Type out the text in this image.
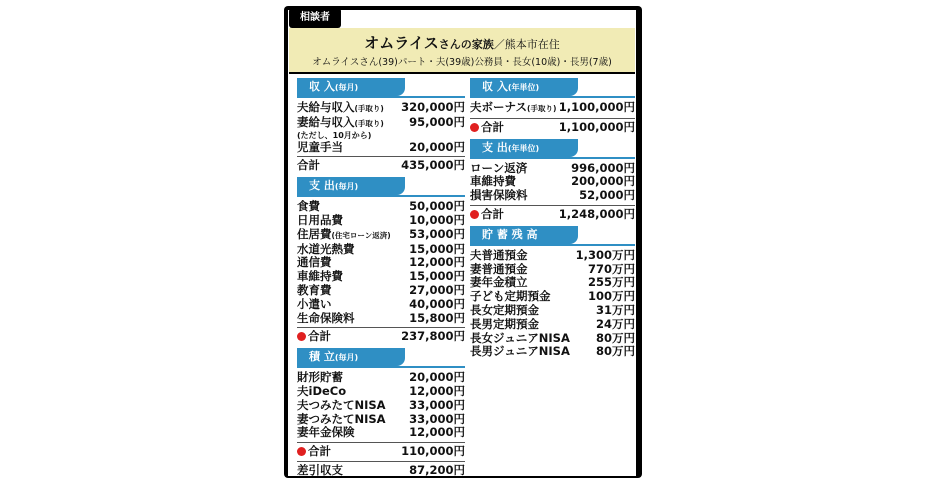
相談者
オムライスさんの家族／熊本市在住
オムライスさん(39)パート・夫(39歳)公務員・長女(10歳)・長男(7歳)
収 入(毎月)
夫給与収入(手取り) 320,000円
妻給与収入(手取り) 95,000円
(ただし、10月から)
児童手当	20,000円
合計	435,000円
支 出(毎月)
食費	50,000円
日用品費	10,000円
住居費(住宅ローン返済) 53,000円
水道光熱費	15,000円
通信費	12,000円
車維持費	15,000円
教育費	27,000円
小遣い	40,000円
生命保険料	15,800円
合計	237,800円
積 立(毎月)
財形貯蓄	20,000円
夫iDeCo	12,000円
夫つみたてNISA 33,000円
妻つみたてNISA 33,000円
妻年金保険	12,000円
合計	110,000円
差引収支	87,200円
収 入(年単位)
夫ボーナス(手取り) 1,100,000円
合計	1,100,000円
支 出(年単位)
ローン返済	996,000円
車維持費	200,000円
損害保険料	52,000円
合計	1,248,000円
貯 蓄 残 高
夫普通預金	1,300万円
妻普通預金	770万円
妻年金積立	255万円
子ども定期預金	100万円
長女定期預金	31万円
長男定期預金	24万円
長女ジュニアNISA 80万円
長男ジュニアNISA 80万円
